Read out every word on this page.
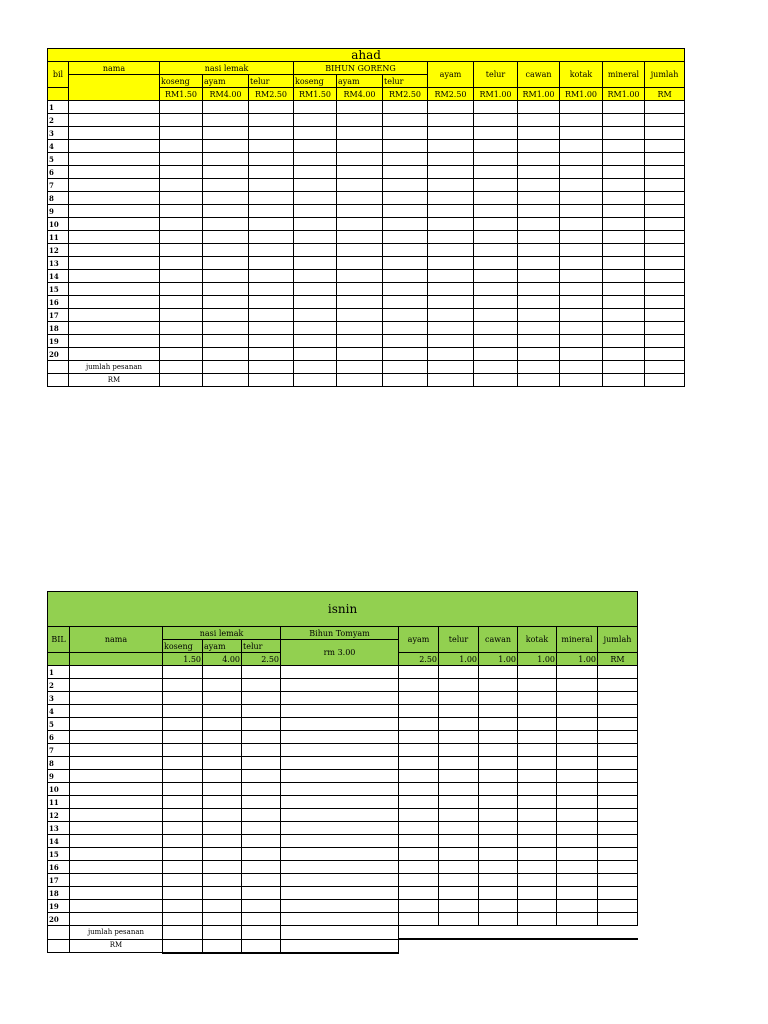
ahad													
bil	nama	nasi lemak			BIHUN GORENG			ayam	telur	cawan	kotak	mineral	jumlah
		koseng	ayam	telur	koseng	ayam	telur						
		RM1.50	RM4.00	RM2.50	RM1.50	RM4.00	RM2.50	RM2.50	RM1.00	RM1.00	RM1.00	RM1.00	RM
1													
2													
3													
4													
5													
6													
7													
8													
9													
10													
11													
12													
13													
14													
15													
16													
17													
18													
19													
20													
	jumlah pesanan												
	RM												
isnin											
BIL	nama	nasi lemak			Bihun Tomyam	ayam	telur	cawan	kotak	mineral	jumlah
		koseng	ayam	telur	rm 3.00						
		1.50	4.00	2.50		2.50	1.00	1.00	1.00	1.00	RM
1											
2											
3											
4											
5											
6											
7											
8											
9											
10											
11											
12											
13											
14											
15											
16											
17											
18											
19											
20											
	jumlah pesanan										
	RM										
